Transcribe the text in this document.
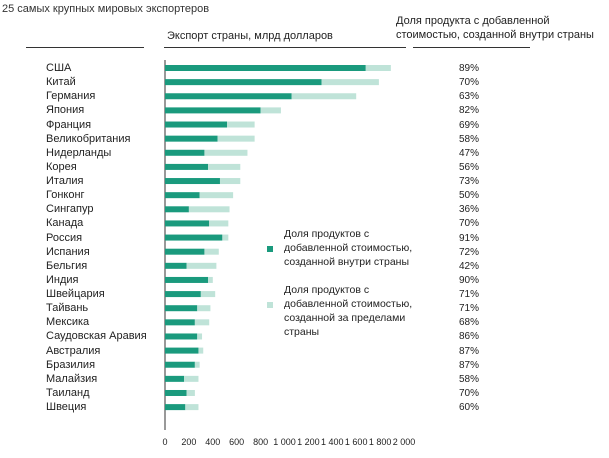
25 самых крупных мировых экспортеров
Экспорт страны, млрд долларов
Доля продукта с добавленной стоимостью, созданной внутри страны
США
Китай
Германия
Япония
Франция
Великобритания
Нидерланды
Корея
Италия
Гонконг
Сингапур
Канада
Россия
Испания
Бельгия
Индия
Швейцария
Тайвань
Мексика
Саудовская Аравия
Австралия
Бразилия
Малайзия
Таиланд
Швеция
89%
70%
63%
82%
69%
58%
47%
56%
73%
50%
36%
70%
91%
72%
42%
90%
71%
71%
68%
86%
87%
87%
58%
70%
60%
0 200 400 600 800 1 000 1 200 1 400 1 600 1 800 2 000
Доля продуктов с добавленной стоимостью, созданной внутри страны
Доля продуктов с добавленной стоимостью, созданной за пределами страны
